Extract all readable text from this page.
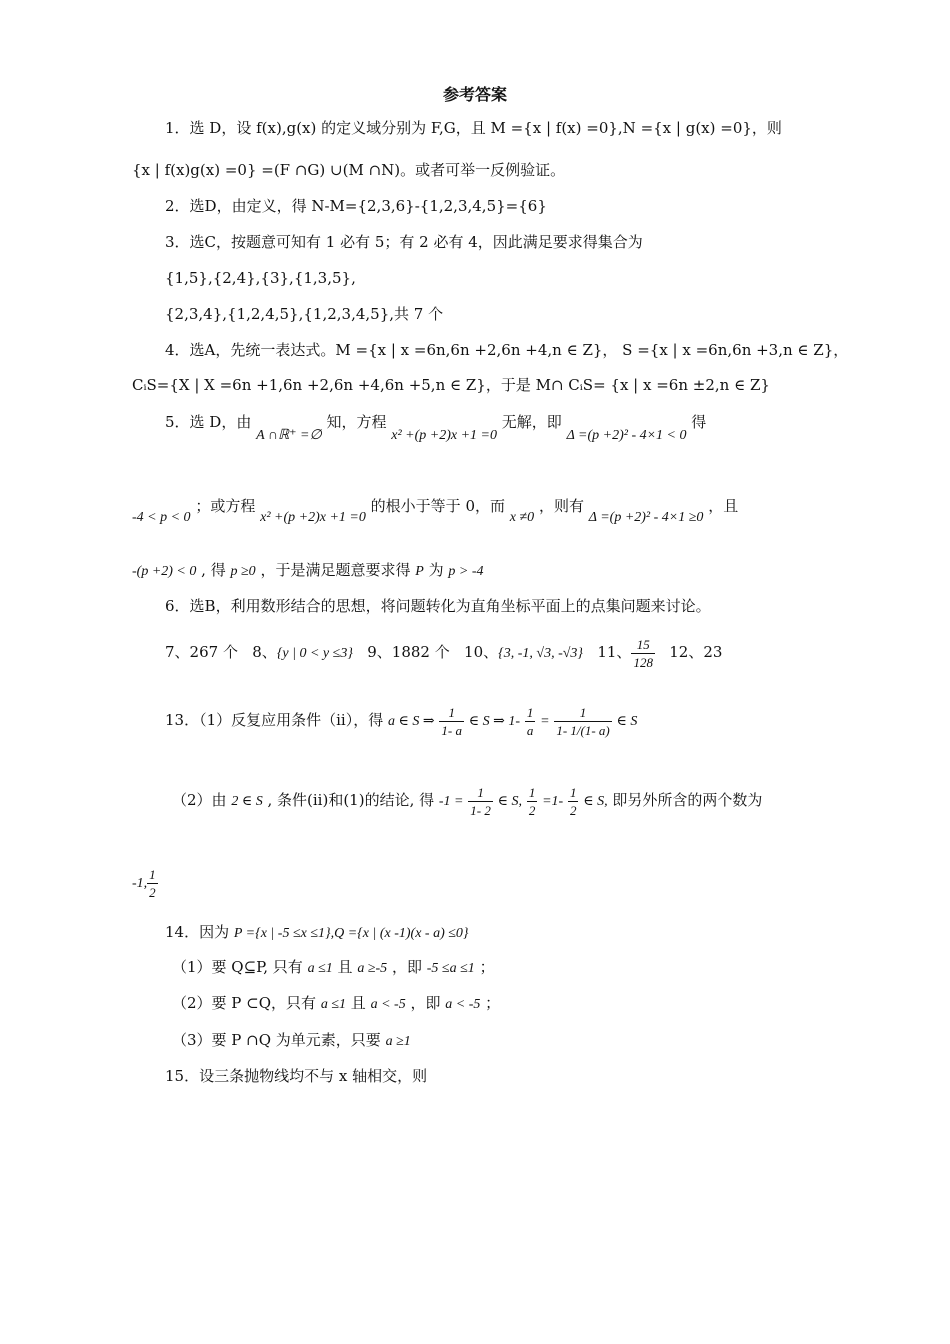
参考答案
1．选 D，设 f(x),g(x) 的定义域分别为 F,G，且 M ={x | f(x) =0},N ={x | g(x) =0}，则
{x | f(x)g(x) =0} =(F ∩G) ∪(M ∩N)。或者可举一反例验证。
2．选D，由定义，得 N-M={2,3,6}-{1,2,3,4,5}={6}
3．选C，按题意可知有 1 必有 5；有 2 必有 4，因此满足要求得集合为
{1,5},{2,4},{3},{1,3,5},
{2,3,4},{1,2,4,5},{1,2,3,4,5},共 7 个
4．选A，先统一表达式。M ={x | x =6n,6n +2,6n +4,n ∈ Z}， S ={x | x =6n,6n +3,n ∈ Z}，
CᵢS={X | X =6n +1,6n +2,6n +4,6n +5,n ∈ Z}，于是 M∩ CᵢS= {x | x =6n ±2,n ∈ Z}
5．选 D，由 A ∩ℝ⁺ =∅ 知，方程 x² +(p +2)x +1 =0 无解，即 Δ =(p +2)² - 4×1 < 0 得
-4 < p < 0 ；或方程 x² +(p +2)x +1 =0 的根小于等于 0，而 x ≠0 ，则有 Δ =(p +2)² - 4×1 ≥0 ，且
-(p +2) < 0 , 得 p ≥0 ，于是满足题意要求得 P 为 p > -4
6．选B，利用数形结合的思想，将问题转化为直角坐标平面上的点集问题来讨论。
7、267 个 8、{y | 0 < y ≤3} 9、1882 个 10、{3, -1, √3, -√3} 11、 $\frac{15}{128} 12$、23
13．（1）反复应用条件（ii），得 a ∈ S ⇒ $\frac{1}{1- a}$ ∈ S ⇒ $1- \frac{1}{a} = \frac{1}{1- 1/(1- a)}$ ∈ S
（2）由 2 ∈ S , 条件(ii)和(1)的结论, 得 $-1 = \frac{1}{1- 2}$ ∈ S, $\frac{1}{2} =1- \frac{1}{2}$ ∈ S, 即另外所含的两个数为
-1, $\frac{1}{2}$
14．因为 P ={x | -5 ≤x ≤1},Q ={x | (x -1)(x - a) ≤0}
（1）要 Q⊆P, 只有 a ≤1 且 a ≥-5 ，即 -5 ≤a ≤1 ；
（2）要 P ⊂Q，只有 a ≤1 且 a < -5 ，即 a < -5 ；
（3）要 P ∩Q 为单元素，只要 a ≥1
15．设三条抛物线均不与 x 轴相交，则
